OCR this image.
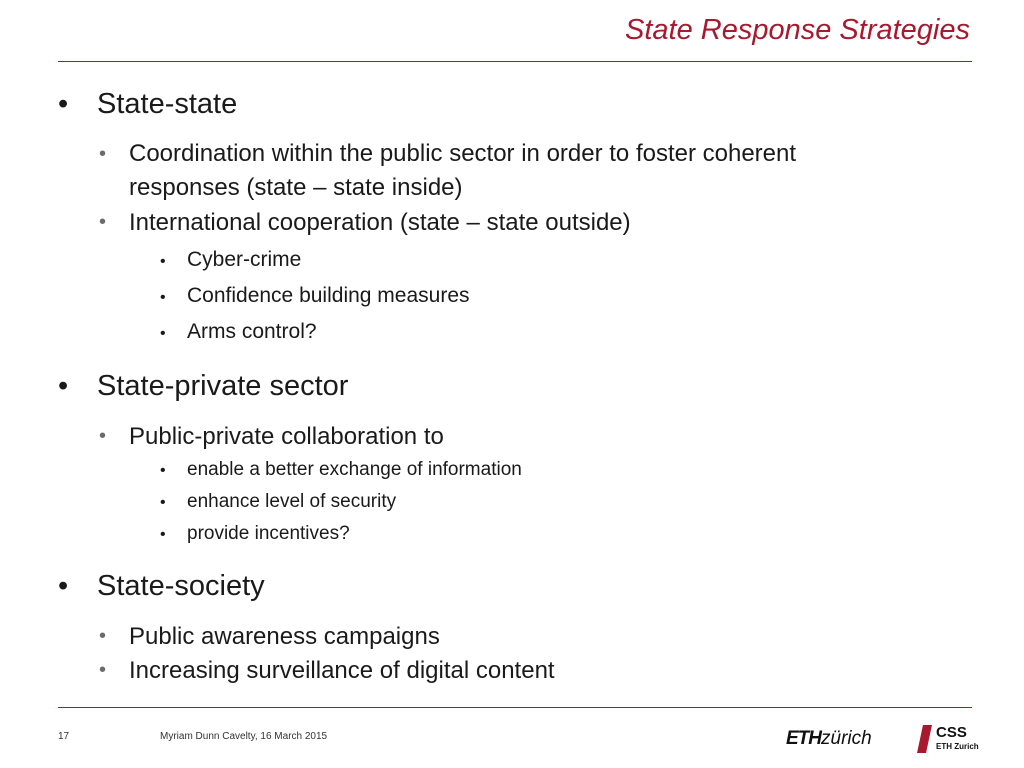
State Response Strategies
• State-state
• Coordination within the public sector in order to foster coherent responses (state – state inside)
• International cooperation (state – state outside)
• Cyber-crime
• Confidence building measures
• Arms control?
• State-private sector
• Public-private collaboration to
• enable a better exchange of information
• enhance level of security
• provide incentives?
• State-society
• Public awareness campaigns
• Increasing surveillance of digital content
17	Myriam Dunn Cavelty, 16 March 2015	ETHzürich	CSS
ETH Zurich
